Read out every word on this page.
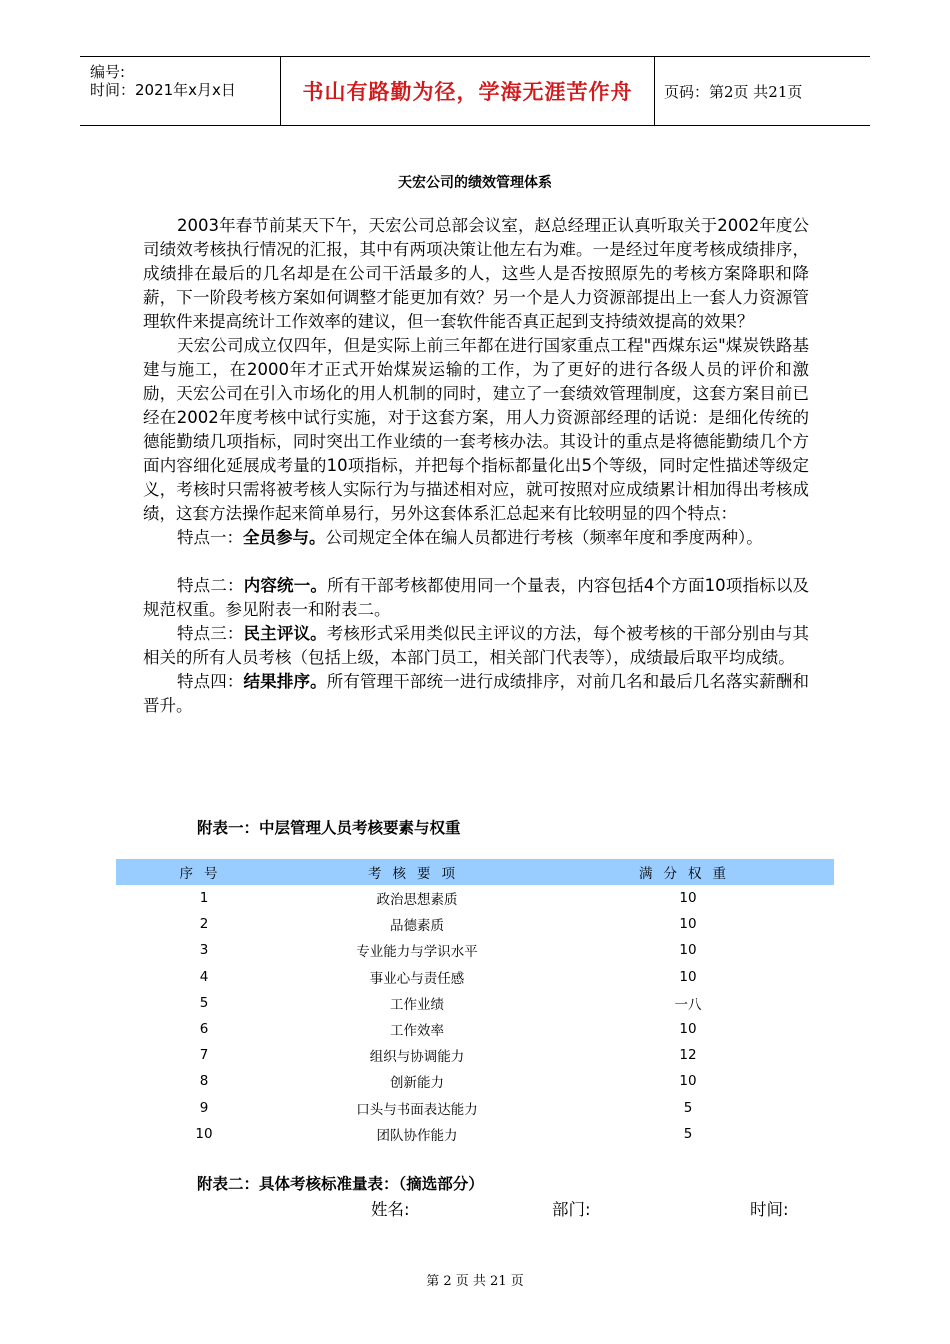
编号:
时间：2021年x月x日	书山有路勤为径，学海无涯苦作舟 页码：第2页 共21页
天宏公司的绩效管理体系

2003年春节前某天下午，天宏公司总部会议室，赵总经理正认真听取关于2002年度公司绩效考核执行情况的汇报，其中有两项决策让他左右为难。一是经过年度考核成绩排序，成绩排在最后的几名却是在公司干活最多的人，这些人是否按照原先的考核方案降职和降薪，下一阶段考核方案如何调整才能更加有效？另一个是人力资源部提出上一套人力资源管理软件来提高统计工作效率的建议，但一套软件能否真正起到支持绩效提高的效果？

天宏公司成立仅四年，但是实际上前三年都在进行国家重点工程"西煤东运"煤炭铁路基建与施工，在2000年才正式开始煤炭运输的工作，为了更好的进行各级人员的评价和激励，天宏公司在引入市场化的用人机制的同时，建立了一套绩效管理制度，这套方案目前已经在2002年度考核中试行实施，对于这套方案，用人力资源部经理的话说：是细化传统的德能勤绩几项指标，同时突出工作业绩的一套考核办法。其设计的重点是将德能勤绩几个方面内容细化延展成考量的10项指标，并把每个指标都量化出5个等级，同时定性描述等级定义，考核时只需将被考核人实际行为与描述相对应，就可按照对应成绩累计相加得出考核成绩，这套方法操作起来简单易行，另外这套体系汇总起来有比较明显的四个特点：

特点一：全员参与。公司规定全体在编人员都进行考核（频率年度和季度两种）。

特点二：内容统一。所有干部考核都使用同一个量表，内容包括4个方面10项指标以及规范权重。参见附表一和附表二。

特点三：民主评议。考核形式采用类似民主评议的方法，每个被考核的干部分别由与其相关的所有人员考核（包括上级，本部门员工，相关部门代表等），成绩最后取平均成绩。

特点四：结果排序。所有管理干部统一进行成绩排序，对前几名和最后几名落实薪酬和晋升。

附表一：中层管理人员考核要素与权重
序号	考核要项	满分权重
1	政治思想素质	10
2	品德素质	10
3	专业能力与学识水平	10
4	事业心与责任感	10
5	工作业绩	一八
6	工作效率	10
7	组织与协调能力	12
8	创新能力	10
9	口头与书面表达能力	5
10	团队协作能力	5
附表二：具体考核标准量表：（摘选部分）
姓名:	部门:	时间:
第 2 页 共 21 页
